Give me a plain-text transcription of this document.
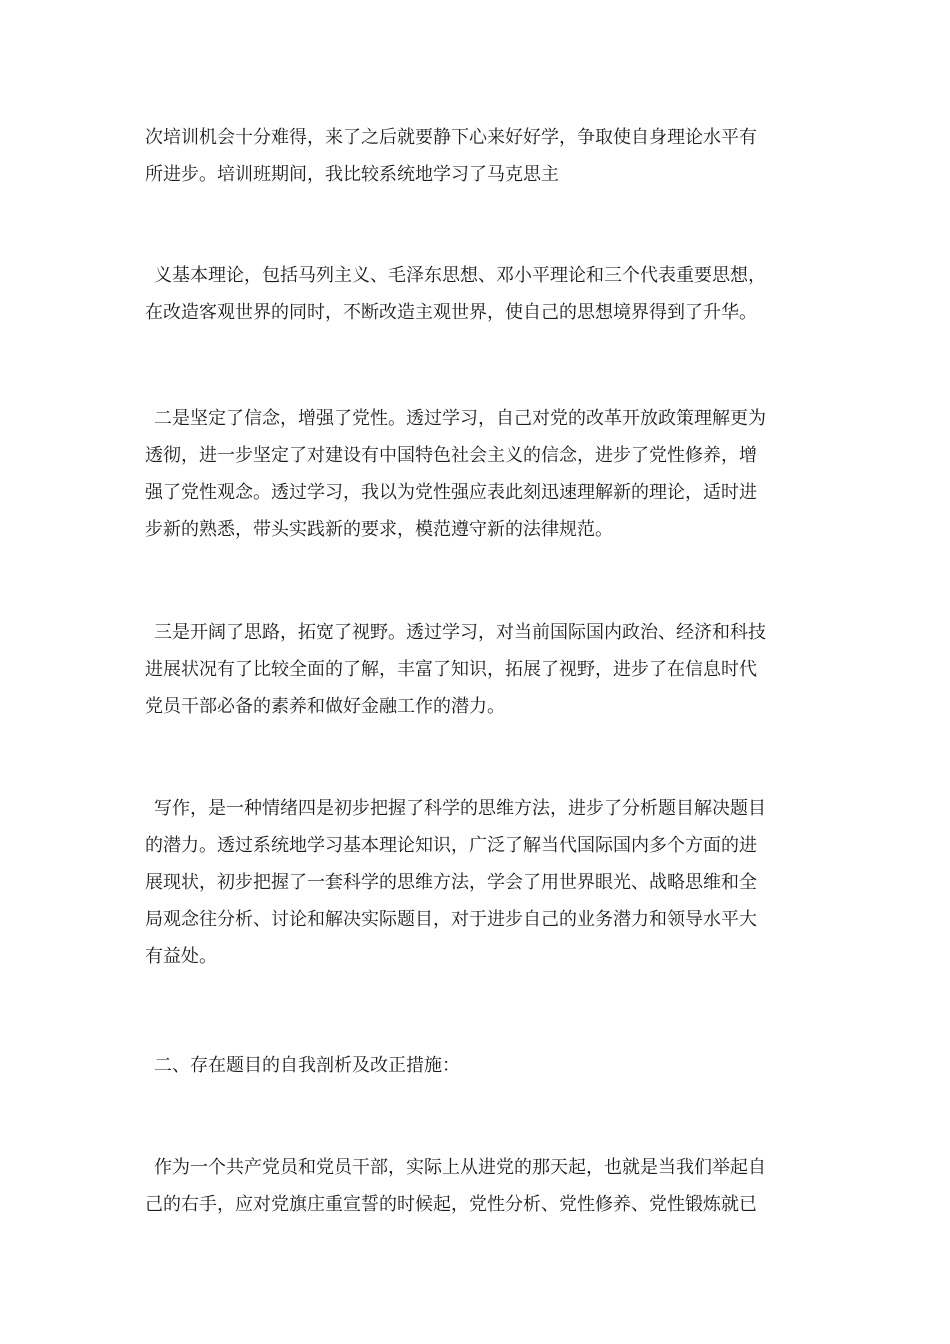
次培训机会十分难得，来了之后就要静下心来好好学，争取使自身理论水平有
所进步。培训班期间，我比较系统地学习了马克思主

义基本理论，包括马列主义、毛泽东思想、邓小平理论和三个代表重要思想，
在改造客观世界的同时，不断改造主观世界，使自己的思想境界得到了升华。

二是坚定了信念，增强了党性。透过学习，自己对党的改革开放政策理解更为
透彻，进一步坚定了对建设有中国特色社会主义的信念，进步了党性修养，增
强了党性观念。透过学习，我以为党性强应表此刻迅速理解新的理论，适时进
步新的熟悉，带头实践新的要求，模范遵守新的法律规范。

三是开阔了思路，拓宽了视野。透过学习，对当前国际国内政治、经济和科技
进展状况有了比较全面的了解，丰富了知识，拓展了视野，进步了在信息时代
党员干部必备的素养和做好金融工作的潜力。

写作，是一种情绪四是初步把握了科学的思维方法，进步了分析题目解决题目
的潜力。透过系统地学习基本理论知识，广泛了解当代国际国内多个方面的进
展现状，初步把握了一套科学的思维方法，学会了用世界眼光、战略思维和全
局观念往分析、讨论和解决实际题目，对于进步自己的业务潜力和领导水平大
有益处。

二、存在题目的自我剖析及改正措施：

作为一个共产党员和党员干部，实际上从进党的那天起，也就是当我们举起自
己的右手，应对党旗庄重宣誓的时候起，党性分析、党性修养、党性锻炼就已
